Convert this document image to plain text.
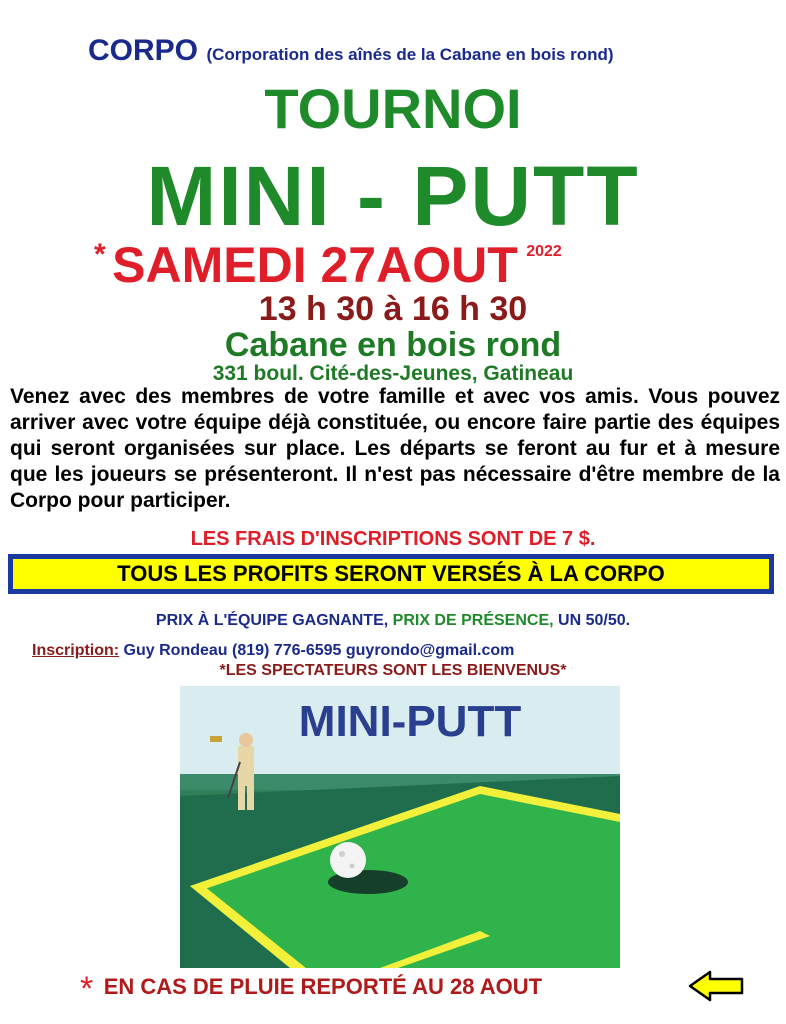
CORPO (Corporation des aînés de la Cabane en bois rond)
TOURNOI
MINI - PUTT
* SAMEDI 27AOUT 2022
13 h 30 à 16 h 30
Cabane en bois rond
331 boul. Cité-des-Jeunes, Gatineau
Venez avec des membres de votre famille et avec vos amis. Vous pouvez arriver avec votre équipe déjà constituée, ou encore faire partie des équipes qui seront organisées sur place. Les départs se feront au fur et à mesure que les joueurs se présenteront. Il n'est pas nécessaire d'être membre de la Corpo pour participer.
LES FRAIS D'INSCRIPTIONS SONT DE 7 $.
TOUS LES PROFITS SERONT VERSÉS À LA CORPO
PRIX À L'ÉQUIPE GAGNANTE, PRIX DE PRÉSENCE, UN 50/50.
Inscription: Guy Rondeau (819) 776-6595 guyrondo@gmail.com
*LES SPECTATEURS SONT LES BIENVENUS*
MINI-PUTT
* EN CAS DE PLUIE REPORTÉ AU 28 AOUT
